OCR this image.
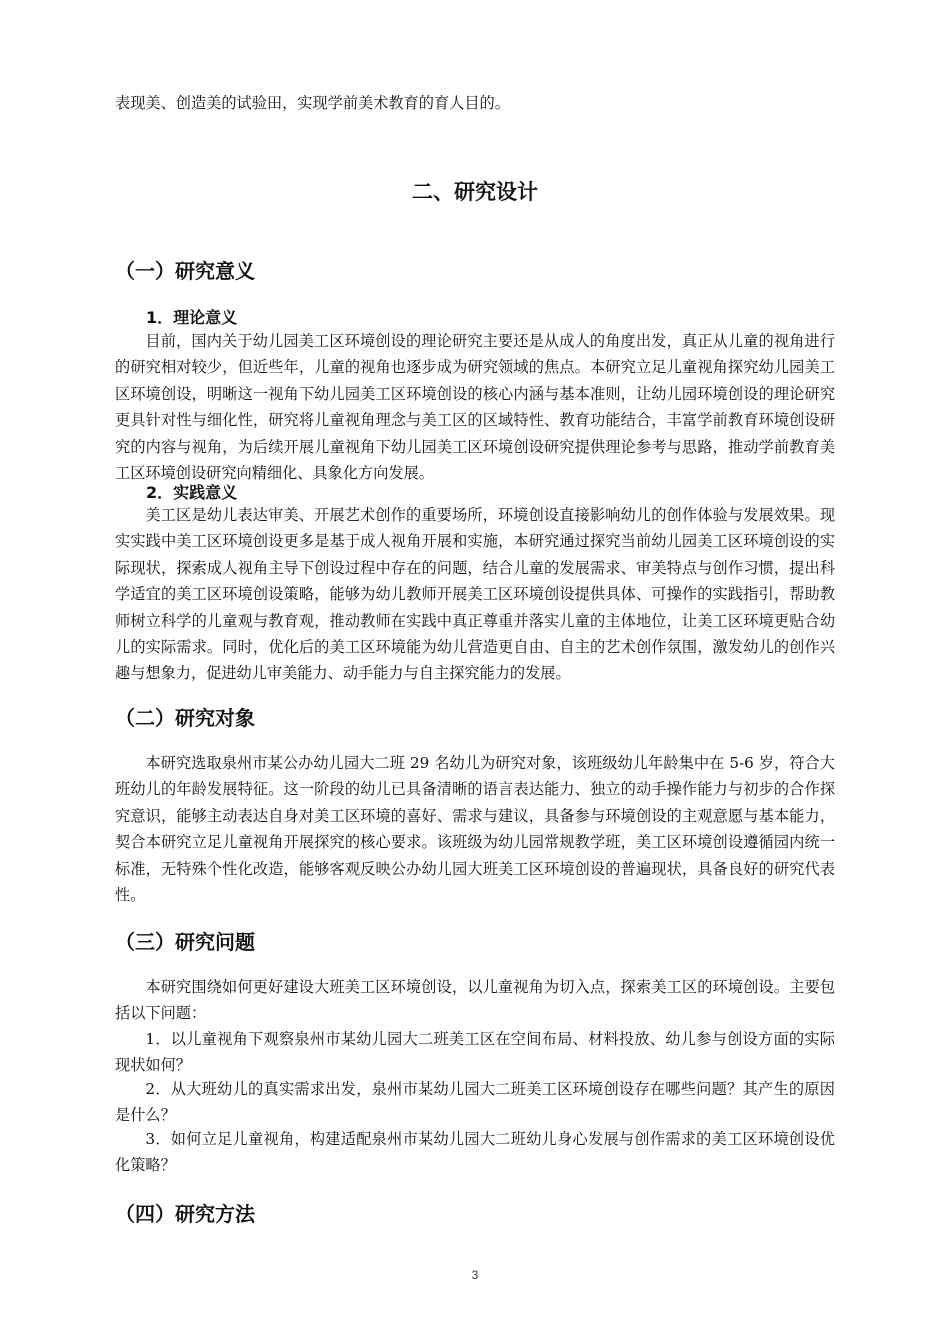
表现美、创造美的试验田，实现学前美术教育的育人目的。

二、研究设计
（一）研究意义
1．理论意义

目前，国内关于幼儿园美工区环境创设的理论研究主要还是从成人的角度出发，真正从儿童的视角进行的研究相对较少，但近些年，儿童的视角也逐步成为研究领域的焦点。本研究立足儿童视角探究幼儿园美工区环境创设，明晰这一视角下幼儿园美工区环境创设的核心内涵与基本准则，让幼儿园环境创设的理论研究更具针对性与细化性，研究将儿童视角理念与美工区的区域特性、教育功能结合，丰富学前教育环境创设研究的内容与视角，为后续开展儿童视角下幼儿园美工区环境创设研究提供理论参考与思路，推动学前教育美工区环境创设研究向精细化、具象化方向发展。

2．实践意义

美工区是幼儿表达审美、开展艺术创作的重要场所，环境创设直接影响幼儿的创作体验与发展效果。现实实践中美工区环境创设更多是基于成人视角开展和实施，本研究通过探究当前幼儿园美工区环境创设的实际现状，探索成人视角主导下创设过程中存在的问题，结合儿童的发展需求、审美特点与创作习惯，提出科学适宜的美工区环境创设策略，能够为幼儿教师开展美工区环境创设提供具体、可操作的实践指引，帮助教师树立科学的儿童观与教育观，推动教师在实践中真正尊重并落实儿童的主体地位，让美工区环境更贴合幼儿的实际需求。同时，优化后的美工区环境能为幼儿营造更自由、自主的艺术创作氛围，激发幼儿的创作兴趣与想象力，促进幼儿审美能力、动手能力与自主探究能力的发展。

（二）研究对象

本研究选取泉州市某公办幼儿园大二班 29 名幼儿为研究对象，该班级幼儿年龄集中在 5-6 岁，符合大班幼儿的年龄发展特征。这一阶段的幼儿已具备清晰的语言表达能力、独立的动手操作能力与初步的合作探究意识，能够主动表达自身对美工区环境的喜好、需求与建议，具备参与环境创设的主观意愿与基本能力，契合本研究立足儿童视角开展探究的核心要求。该班级为幼儿园常规教学班，美工区环境创设遵循园内统一标准，无特殊个性化改造，能够客观反映公办幼儿园大班美工区环境创设的普遍现状，具备良好的研究代表性。

（三）研究问题

本研究围绕如何更好建设大班美工区环境创设，以儿童视角为切入点，探索美工区的环境创设。主要包括以下问题：

1．以儿童视角下观察泉州市某幼儿园大二班美工区在空间布局、材料投放、幼儿参与创设方面的实际现状如何？

2．从大班幼儿的真实需求出发，泉州市某幼儿园大二班美工区环境创设存在哪些问题？其产生的原因是什么？

3．如何立足儿童视角，构建适配泉州市某幼儿园大二班幼儿身心发展与创作需求的美工区环境创设优化策略？

（四）研究方法
3
